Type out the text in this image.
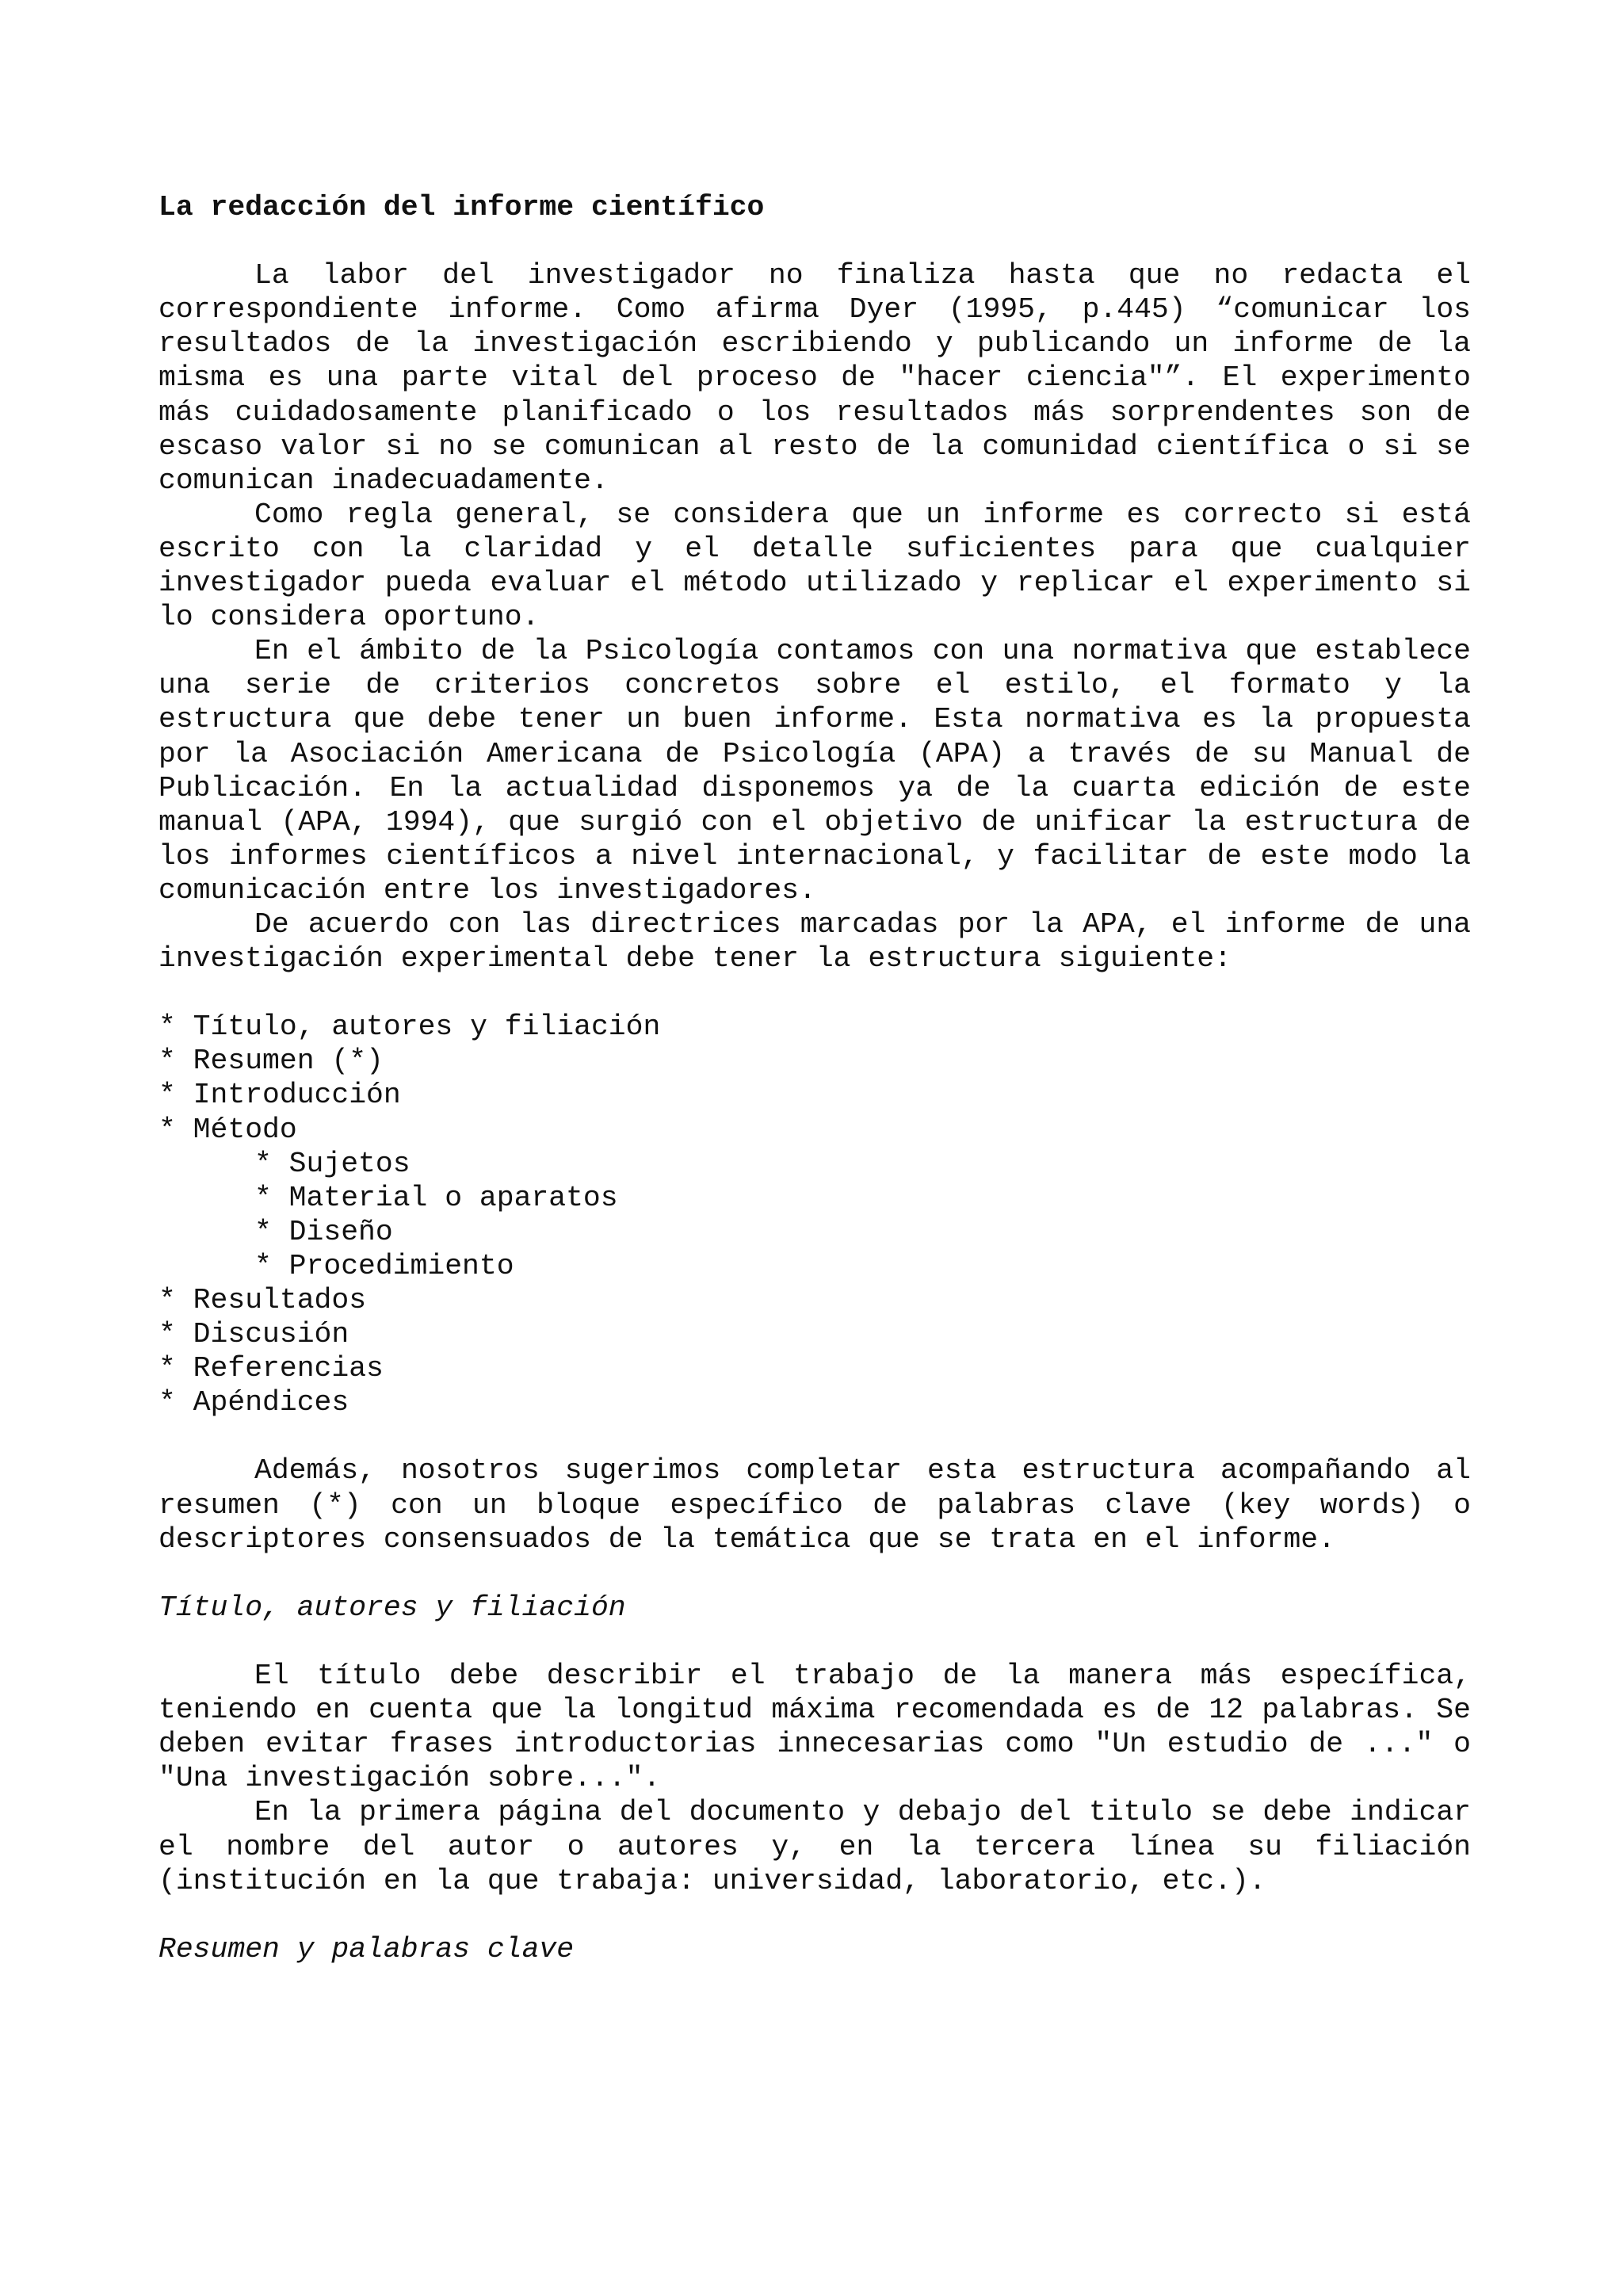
La redacción del informe científico

La labor del investigador no finaliza hasta que no redacta el correspondiente informe. Como afirma Dyer (1995, p.445) “comunicar los resultados de la investigación escribiendo y publicando un informe de la misma es una parte vital del proceso de "hacer ciencia"”. El experimento más cuidadosamente planificado o los resultados más sorprendentes son de escaso valor si no se comunican al resto de la comunidad científica o si se comunican inadecuadamente.

Como regla general, se considera que un informe es correcto si está escrito con la claridad y el detalle suficientes para que cualquier investigador pueda evaluar el método utilizado y replicar el experimento si lo considera oportuno.

En el ámbito de la Psicología contamos con una normativa que establece una serie de criterios concretos sobre el estilo, el formato y la estructura que debe tener un buen informe. Esta normativa es la propuesta por la Asociación Americana de Psicología (APA) a través de su Manual de Publicación. En la actualidad disponemos ya de la cuarta edición de este manual (APA, 1994), que surgió con el objetivo de unificar la estructura de los informes científicos a nivel internacional, y facilitar de este modo la comunicación entre los investigadores.

De acuerdo con las directrices marcadas por la APA, el informe de una investigación experimental debe tener la estructura siguiente:

* Título, autores y filiación
* Resumen (*)
* Introducción
* Método
* Sujetos
* Material o aparatos
* Diseño
* Procedimiento
* Resultados
* Discusión
* Referencias
* Apéndices

Además, nosotros sugerimos completar esta estructura acompañando al resumen (*) con un bloque específico de palabras clave (key words) o descriptores consensuados de la temática que se trata en el informe.

Título, autores y filiación

El título debe describir el trabajo de la manera más específica, teniendo en cuenta que la longitud máxima recomendada es de 12 palabras. Se deben evitar frases introductorias innecesarias como "Un estudio de ..." o "Una investigación sobre...".

En la primera página del documento y debajo del titulo se debe indicar el nombre del autor o autores y, en la tercera línea su filiación (institución en la que trabaja: universidad, laboratorio, etc.).

Resumen y palabras clave
